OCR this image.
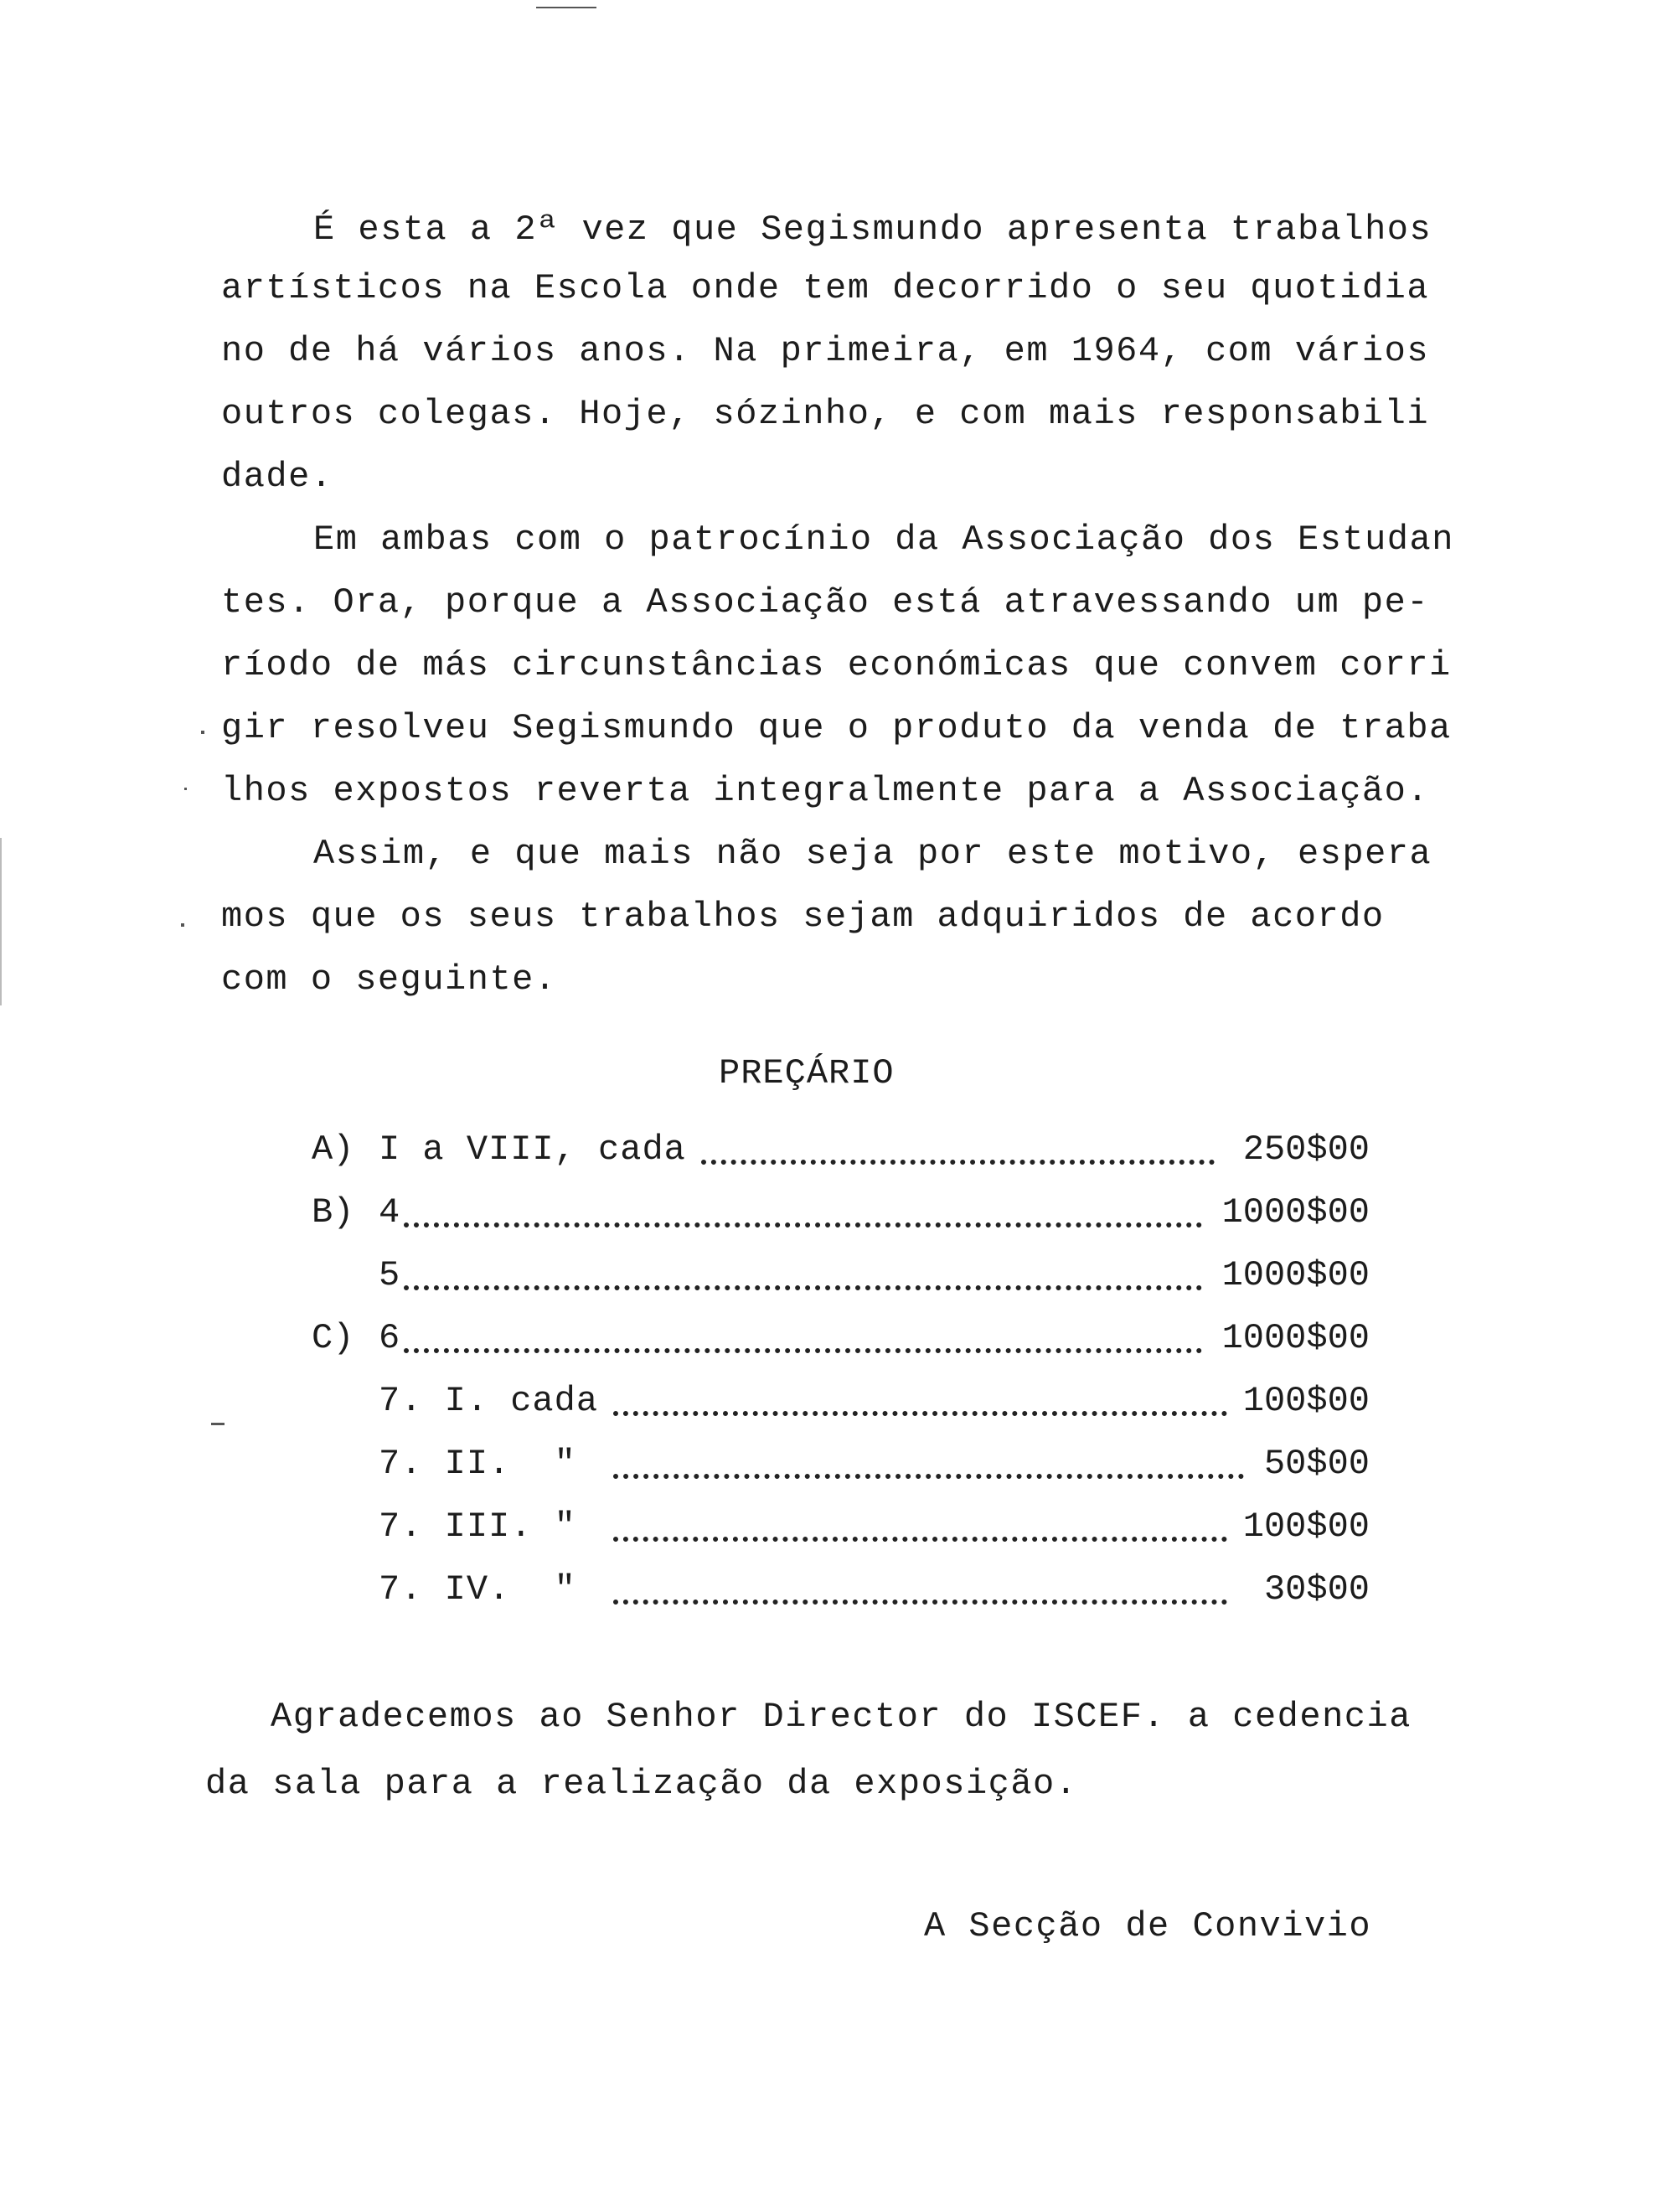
É esta a 2ª vez que Segismundo apresenta trabalhos
artísticos na Escola onde tem decorrido o seu quotidia
no de há vários anos. Na primeira, em 1964, com vários
outros colegas. Hoje, sózinho, e com mais responsabili
dade.
Em ambas com o patrocínio da Associação dos Estudan
tes. Ora, porque a Associação está atravessando um pe-
ríodo de más circunstâncias económicas que convem corri
gir resolveu Segismundo que o produto da venda de traba
lhos expostos reverta integralmente para a Associação.
Assim, e que mais não seja por este motivo, espera
mos que os seus trabalhos sejam adquiridos de acordo
com o seguinte.
PREÇÁRIO
A) I a VIII, cada	250$00
B) 4	1000$00
5	1000$00
C) 6	1000$00
7. I. cada	100$00
7. II.  "	50$00
7. III. "	100$00
7. IV.  "	30$00
Agradecemos ao Senhor Director do ISCEF. a cedencia
da sala para a realização da exposição.
A Secção de Convivio
